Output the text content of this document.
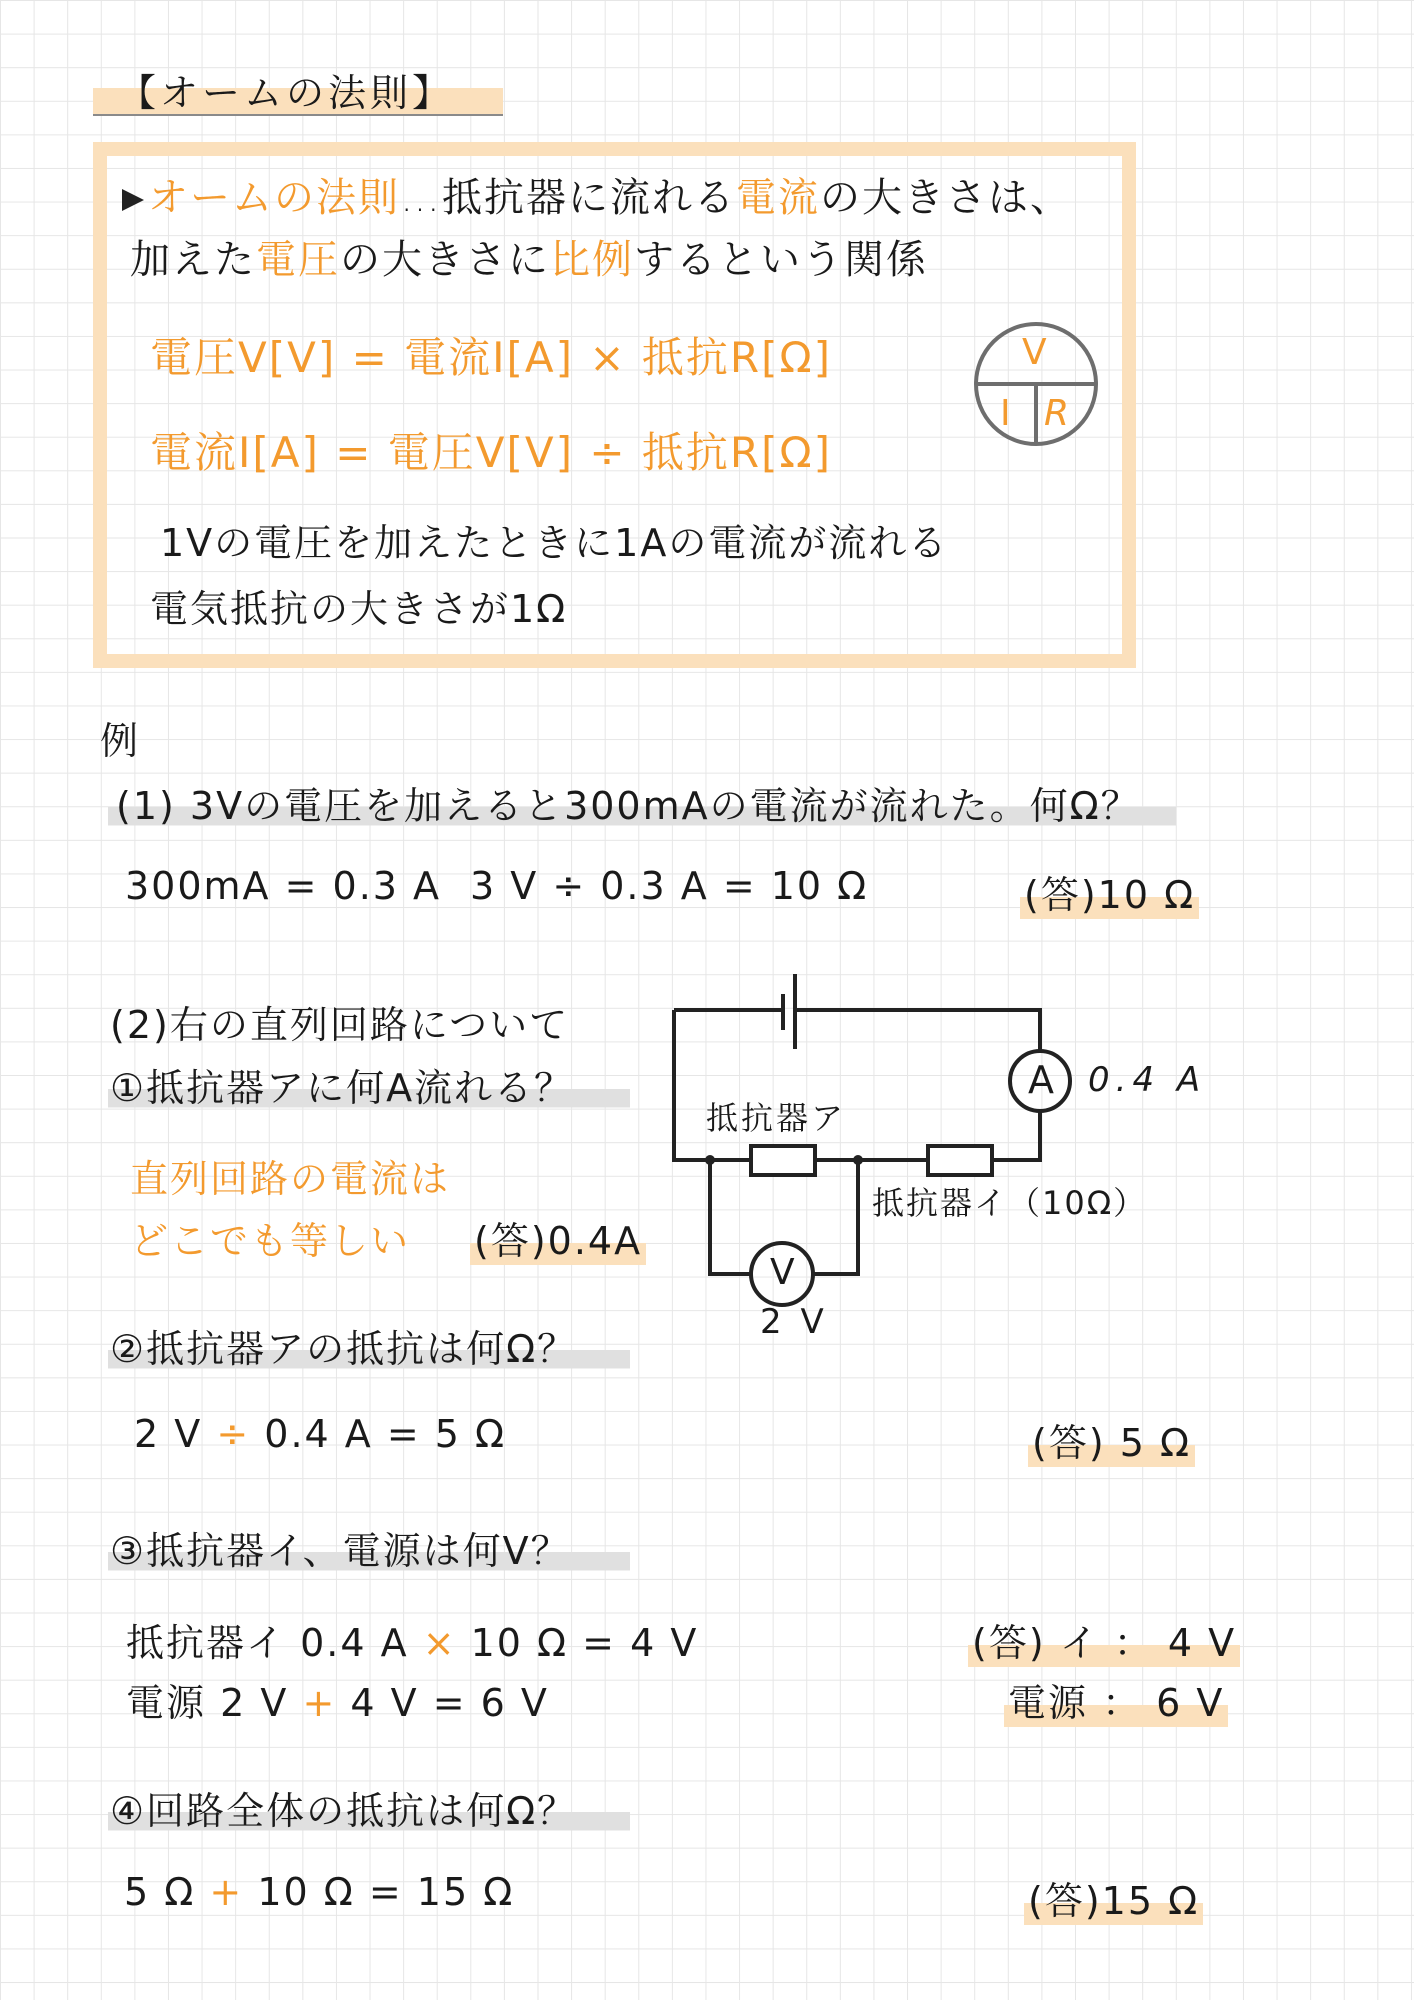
【オームの法則】
オームの法則…抵抗器に流れる電流の大きさは、
加えた電圧の大きさに比例するという関係
電圧V[V] = 電流I[A] × 抵抗R[Ω]
電流I[A] = 電圧V[V] ÷ 抵抗R[Ω]
V
I R
1Vの電圧を加えたときに1Aの電流が流れる
電気抵抗の大きさが1Ω
例
(1) 3Vの電圧を加えると300mAの電流が流れた。何Ω？
300mA = 0.3 A 3 V ÷ 0.3 A = 10 Ω	(答)10 Ω
(2)右の直列回路について
①抵抗器アに何A流れる？
直列回路の電流は
どこでも等しい (答)0.4A
A 0.4 A
V
2 V
抵抗器ア
抵抗器イ（10Ω）
②抵抗器アの抵抗は何Ω？
2 V ÷ 0.4 A = 5 Ω	(答) 5 Ω
③抵抗器イ、電源は何V？
抵抗器イ 0.4 A × 10 Ω = 4 V
電源 2 V + 4 V = 6 V
(答) イ ： 4 V
電源 ： 6 V
④回路全体の抵抗は何Ω？
5 Ω + 10 Ω = 15 Ω	(答)15 Ω
